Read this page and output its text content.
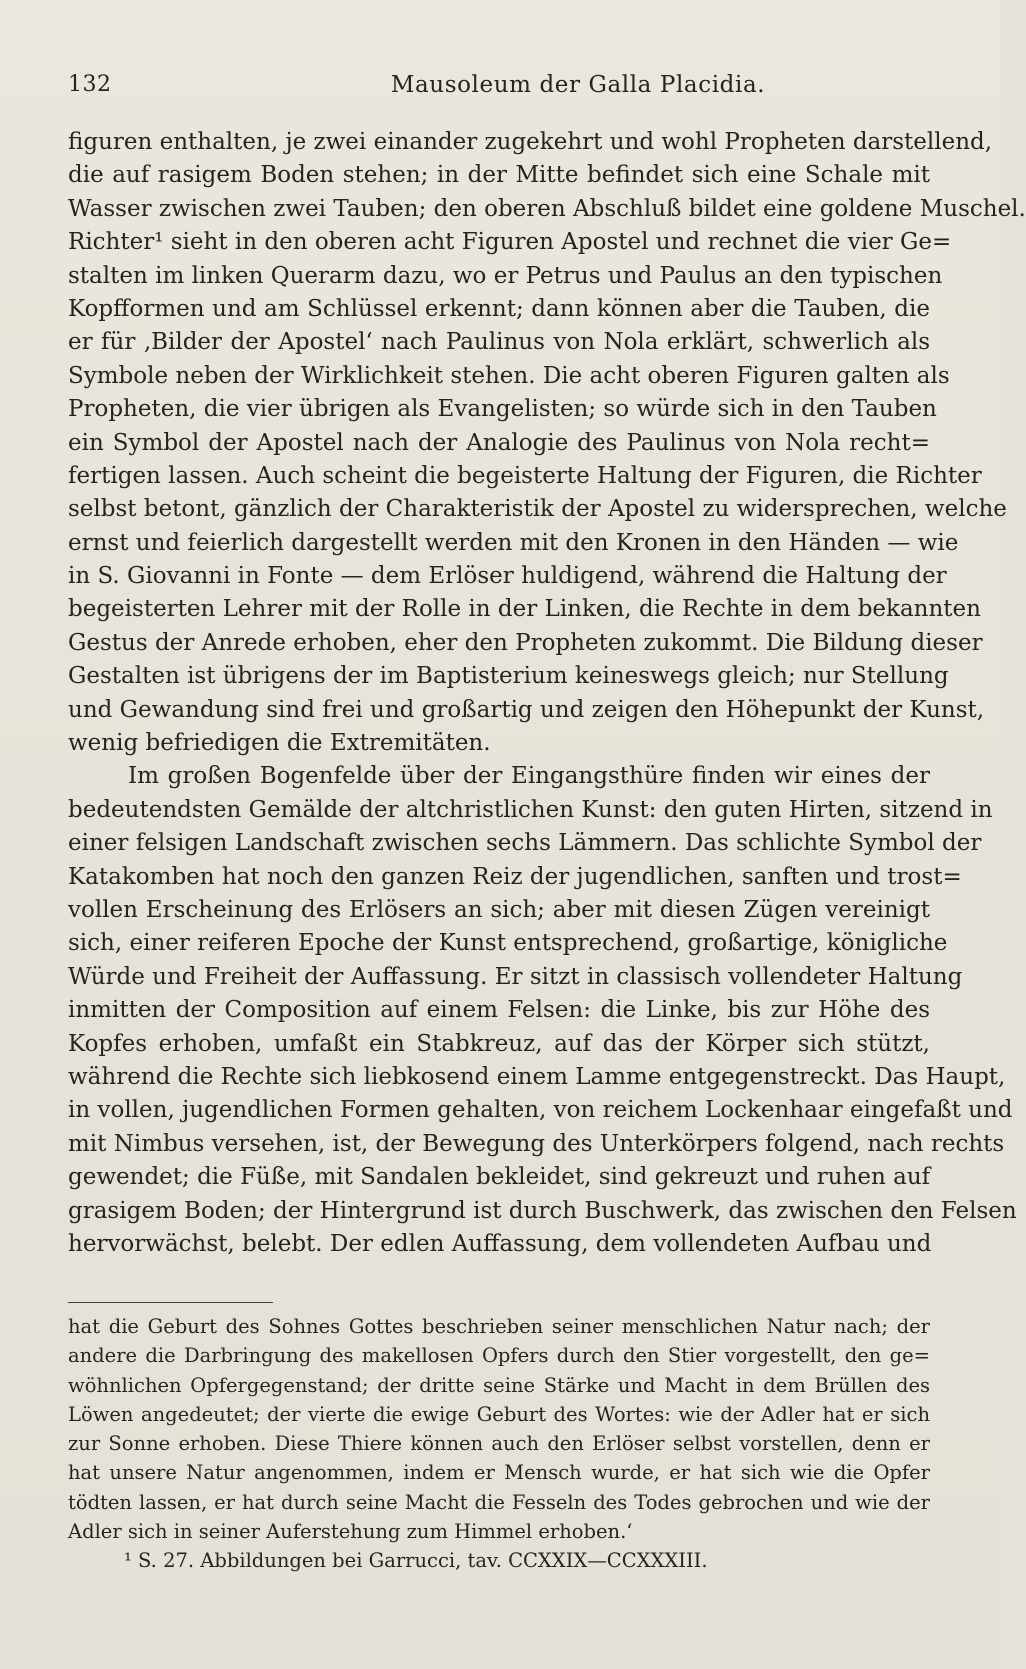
132	Mausoleum der Galla Placidia.
figuren enthalten, je zwei einander zugekehrt und wohl Propheten darstellend,
die auf rasigem Boden stehen; in der Mitte befindet sich eine Schale mit
Wasser zwischen zwei Tauben; den oberen Abschluß bildet eine goldene Muschel.
Richter¹ sieht in den oberen acht Figuren Apostel und rechnet die vier Ge=
stalten im linken Querarm dazu, wo er Petrus und Paulus an den typischen
Kopfformen und am Schlüssel erkennt; dann können aber die Tauben, die
er für ‚Bilder der Apostel‘ nach Paulinus von Nola erklärt, schwerlich als
Symbole neben der Wirklichkeit stehen. Die acht oberen Figuren galten als
Propheten, die vier übrigen als Evangelisten; so würde sich in den Tauben
ein Symbol der Apostel nach der Analogie des Paulinus von Nola recht=
fertigen lassen. Auch scheint die begeisterte Haltung der Figuren, die Richter
selbst betont, gänzlich der Charakteristik der Apostel zu widersprechen, welche
ernst und feierlich dargestellt werden mit den Kronen in den Händen — wie
in S. Giovanni in Fonte — dem Erlöser huldigend, während die Haltung der
begeisterten Lehrer mit der Rolle in der Linken, die Rechte in dem bekannten
Gestus der Anrede erhoben, eher den Propheten zukommt. Die Bildung dieser
Gestalten ist übrigens der im Baptisterium keineswegs gleich; nur Stellung
und Gewandung sind frei und großartig und zeigen den Höhepunkt der Kunst,
wenig befriedigen die Extremitäten.
Im großen Bogenfelde über der Eingangsthüre finden wir eines der
bedeutendsten Gemälde der altchristlichen Kunst: den guten Hirten, sitzend in
einer felsigen Landschaft zwischen sechs Lämmern. Das schlichte Symbol der
Katakomben hat noch den ganzen Reiz der jugendlichen, sanften und trost=
vollen Erscheinung des Erlösers an sich; aber mit diesen Zügen vereinigt
sich, einer reiferen Epoche der Kunst entsprechend, großartige, königliche
Würde und Freiheit der Auffassung. Er sitzt in classisch vollendeter Haltung
inmitten der Composition auf einem Felsen: die Linke, bis zur Höhe des
Kopfes erhoben, umfaßt ein Stabkreuz, auf das der Körper sich stützt,
während die Rechte sich liebkosend einem Lamme entgegenstreckt. Das Haupt,
in vollen, jugendlichen Formen gehalten, von reichem Lockenhaar eingefaßt und
mit Nimbus versehen, ist, der Bewegung des Unterkörpers folgend, nach rechts
gewendet; die Füße, mit Sandalen bekleidet, sind gekreuzt und ruhen auf
grasigem Boden; der Hintergrund ist durch Buschwerk, das zwischen den Felsen
hervorwächst, belebt. Der edlen Auffassung, dem vollendeten Aufbau und
hat die Geburt des Sohnes Gottes beschrieben seiner menschlichen Natur nach; der
andere die Darbringung des makellosen Opfers durch den Stier vorgestellt, den ge=
wöhnlichen Opfergegenstand; der dritte seine Stärke und Macht in dem Brüllen des
Löwen angedeutet; der vierte die ewige Geburt des Wortes: wie der Adler hat er sich
zur Sonne erhoben. Diese Thiere können auch den Erlöser selbst vorstellen, denn er
hat unsere Natur angenommen, indem er Mensch wurde, er hat sich wie die Opfer
tödten lassen, er hat durch seine Macht die Fesseln des Todes gebrochen und wie der
Adler sich in seiner Auferstehung zum Himmel erhoben.‘
¹ S. 27. Abbildungen bei Garrucci, tav. CCXXIX—CCXXXIII.
